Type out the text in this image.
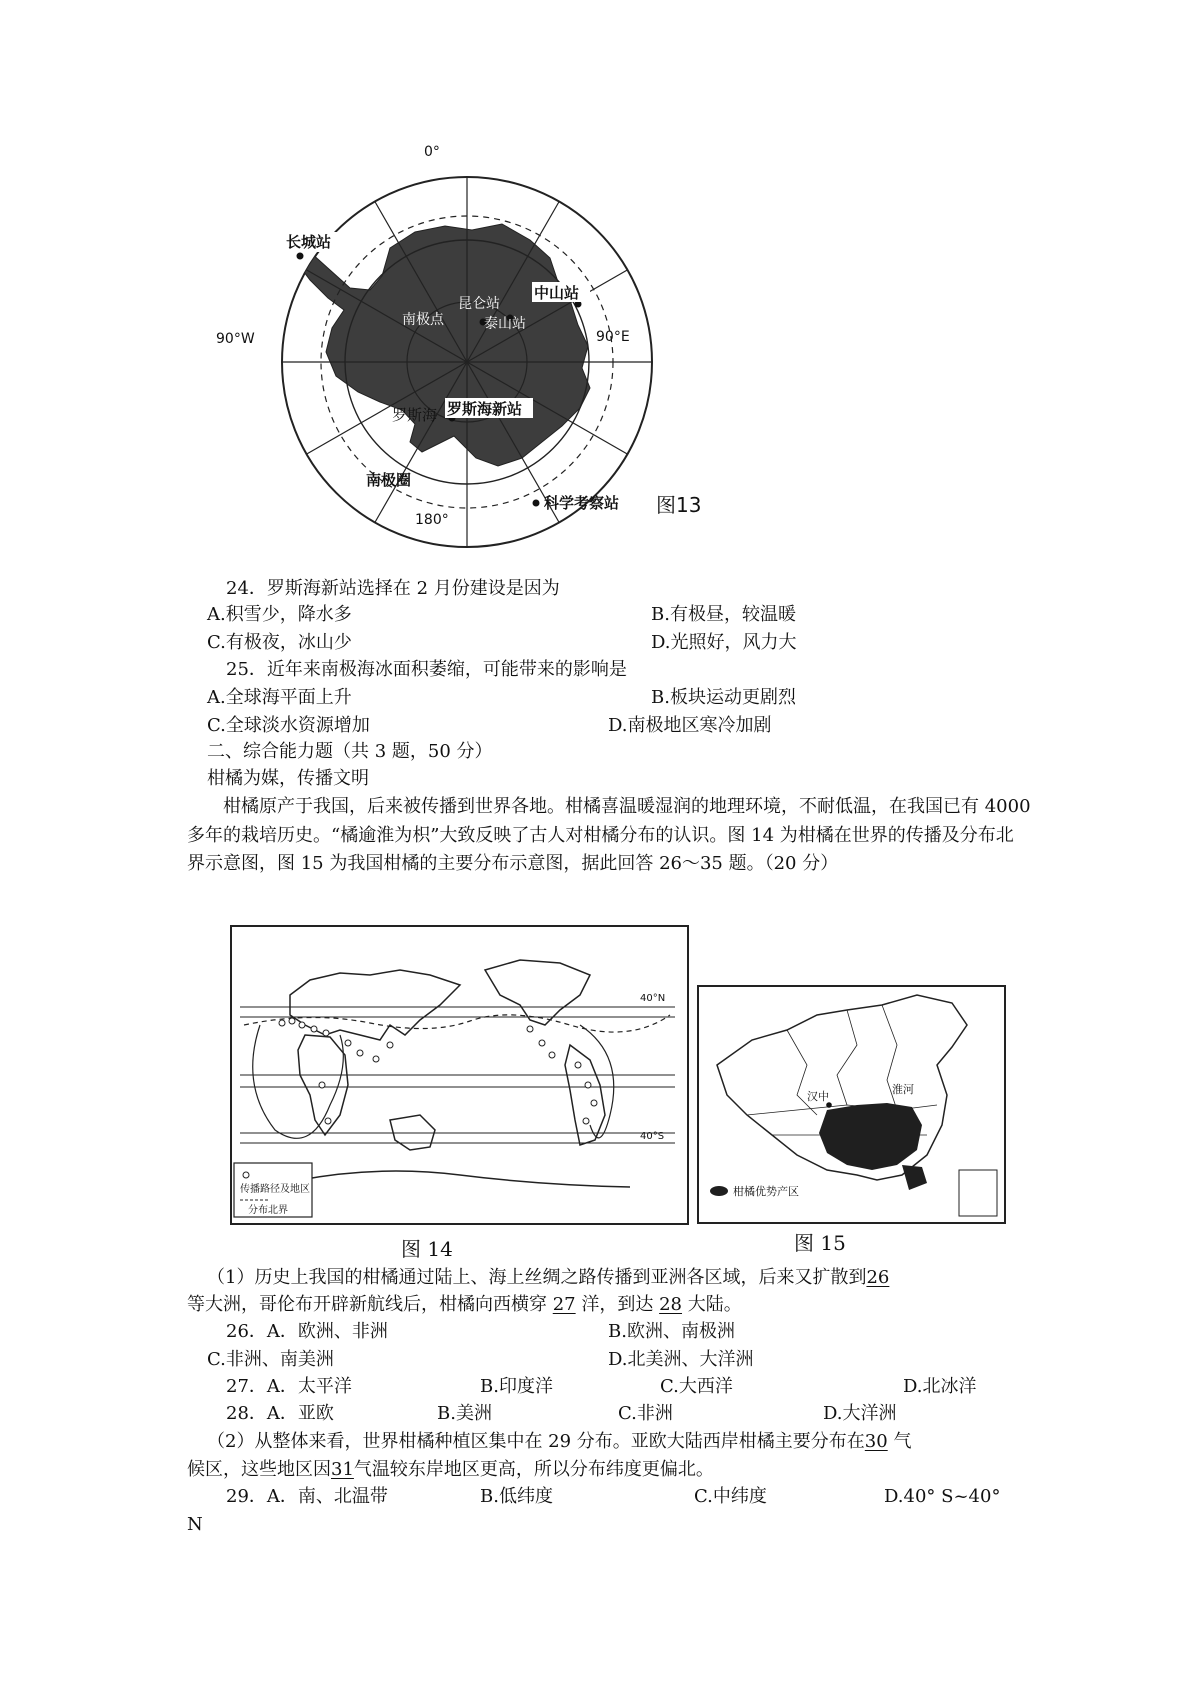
0°
90°W	90°E
180°
长城站
中山站
昆仑站
泰山站
南极点
罗斯海新站
罗斯海
南极圈
科学考察站 图13
24．罗斯海新站选择在 2 月份建设是因为
A.积雪少，降水多	B.有极昼，较温暖
C.有极夜，冰山少	D.光照好，风力大
25．近年来南极海冰面积萎缩，可能带来的影响是
A.全球海平面上升	B.板块运动更剧烈
C.全球淡水资源增加	D.南极地区寒冷加剧
二、综合能力题（共 3 题，50 分）
柑橘为媒，传播文明
柑橘原产于我国，后来被传播到世界各地。柑橘喜温暖湿润的地理环境，不耐低温，在我国已有 4000 多年的栽培历史。“橘逾淮为枳”大致反映了古人对柑橘分布的认识。图 14 为柑橘在世界的传播及分布北界示意图，图 15 为我国柑橘的主要分布示意图，据此回答 26～35 题。（20 分）
40°N
40°S
传播路径及地区
分布北界
汉中
淮河
柑橘优势产区
图 14	图 15
（1）历史上我国的柑橘通过陆上、海上丝绸之路传播到亚洲各区域，后来又扩散到26
等大洲，哥伦布开辟新航线后，柑橘向西横穿 27 洋，到达 28 大陆。
26．A．欧洲、非洲	B.欧洲、南极洲
C.非洲、南美洲	D.北美洲、大洋洲
27．A．太平洋	B.印度洋	C.大西洋	D.北冰洋
28．A．亚欧	B.美洲	C.非洲	D.大洋洲
（2）从整体来看，世界柑橘种植区集中在 29 分布。亚欧大陆西岸柑橘主要分布在30 气
候区，这些地区因31气温较东岸地区更高，所以分布纬度更偏北。
29．A．南、北温带	B.低纬度	C.中纬度	D.40° S~40°
N
